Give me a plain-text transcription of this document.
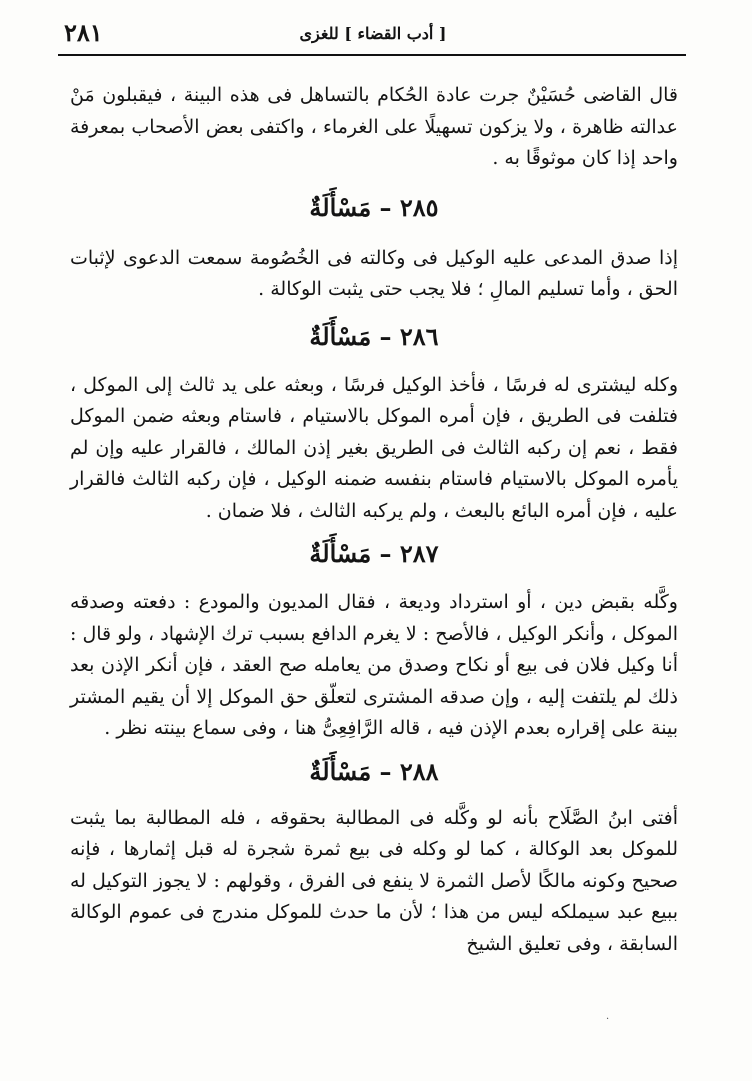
٢٨١	[ أدب القضاء ] للغزى

قال القاضى حُسَيْنٌ جرت عادة الحُكام بالتساهل فى هذه البينة ، فيقبلون مَنْ عدالته ظاهرة ، ولا يزكون تسهيلًا على الغرماء ، واكتفى بعض الأصحاب بمعرفة واحد إذا كان موثوقًا به .

٢٨٥ – مَسْأَلَةٌ

إذا صدق المدعى عليه الوكيل فى وكالته فى الخُصُومة سمعت الدعوى لإثبات الحق ، وأما تسليم المالِ ؛ فلا يجب حتى يثبت الوكالة .

٢٨٦ – مَسْأَلَةٌ

وكله ليشترى له فرسًا ، فأخذ الوكيل فرسًا ، وبعثه على يد ثالث إلى الموكل ، فتلفت فى الطريق ، فإن أمره الموكل بالاستيام ، فاستام وبعثه ضمن الموكل فقط ، نعم إن ركبه الثالث فى الطريق بغير إذن المالك ، فالقرار عليه وإن لم يأمره الموكل بالاستيام فاستام بنفسه ضمنه الوكيل ، فإن ركبه الثالث فالقرار عليه ، فإن أمره البائع بالبعث ، ولم يركبه الثالث ، فلا ضمان .

٢٨٧ – مَسْأَلَةٌ

وكَّله بقبض دين ، أو استرداد وديعة ، فقال المديون والمودع : دفعته وصدقه الموكل ، وأنكر الوكيل ، فالأصح : لا يغرم الدافع بسبب ترك الإشهاد ، ولو قال : أنا وكيل فلان فى بيع أو نكاح وصدق من يعامله صح العقد ، فإن أنكر الإذن بعد ذلك لم يلتفت إليه ، وإن صدقه المشترى لتعلّق حق الموكل إلا أن يقيم المشتر بينة على إقراره بعدم الإذن فيه ، قاله الرَّافِعِىُّ هنا ، وفى سماع بينته نظر .

٢٨٨ – مَسْأَلَةٌ

أفتى ابنُ الصَّلَاح بأنه لو وكَّله فى المطالبة بحقوقه ، فله المطالبة بما يثبت للموكل بعد الوكالة ، كما لو وكله فى بيع ثمرة شجرة له قبل إثمارها ، فإنه صحيح وكونه مالكًا لأصل الثمرة لا ينفع فى الفرق ، وقولهم : لا يجوز التوكيل له ببيع عبد سيملكه ليس من هذا ؛ لأن ما حدث للموكل مندرج فى عموم الوكالة السابقة ، وفى تعليق الشيخ

·
